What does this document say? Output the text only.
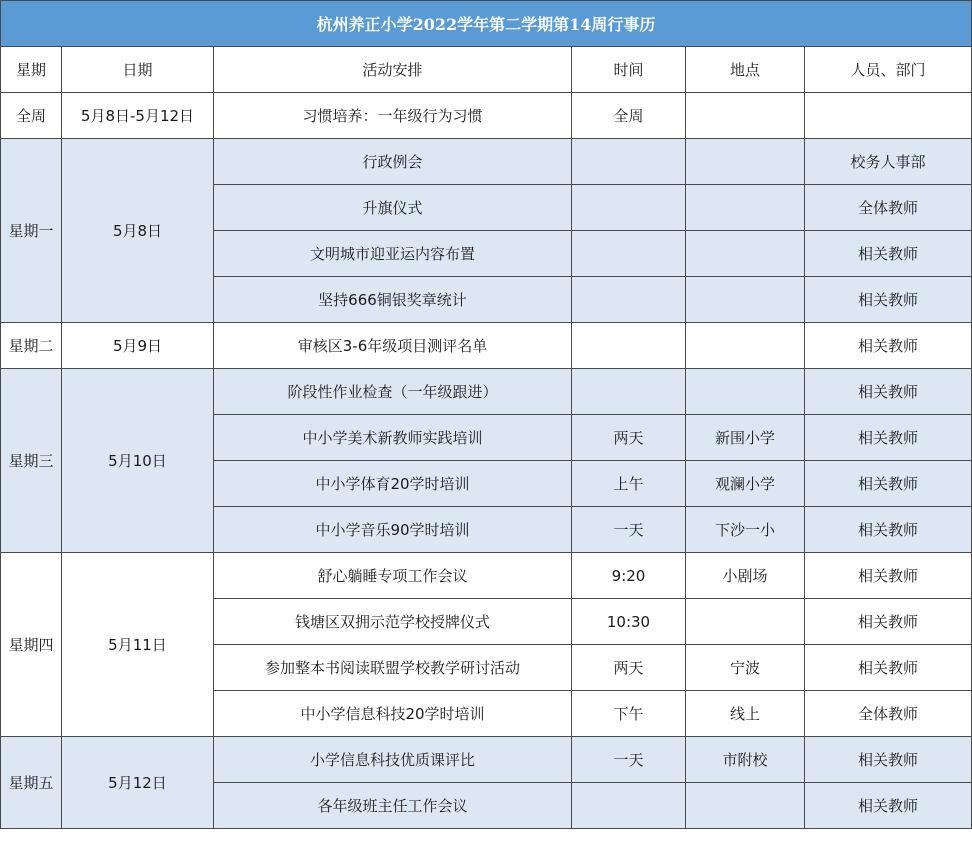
杭州养正小学2022学年第二学期第14周行事历					
星期	日期	活动安排	时间	地点	人员、部门
全周	5月8日-5月12日	习惯培养：一年级行为习惯	全周		
星期一	5月8日	行政例会			校务人事部
		升旗仪式			全体教师
		文明城市迎亚运内容布置			相关教师
		坚持666铜银奖章统计			相关教师
星期二	5月9日	审核区3-6年级项目测评名单			相关教师
星期三	5月10日	阶段性作业检查（一年级跟进）			相关教师
		中小学美术新教师实践培训	两天	新围小学	相关教师
		中小学体育20学时培训	上午	观澜小学	相关教师
		中小学音乐90学时培训	一天	下沙一小	相关教师
星期四	5月11日	舒心躺睡专项工作会议	9:20	小剧场	相关教师
		钱塘区双拥示范学校授牌仪式	10:30		相关教师
		参加整本书阅读联盟学校教学研讨活动	两天	宁波	相关教师
		中小学信息科技20学时培训	下午	线上	全体教师
星期五	5月12日	小学信息科技优质课评比	一天	市附校	相关教师
		各年级班主任工作会议			相关教师
